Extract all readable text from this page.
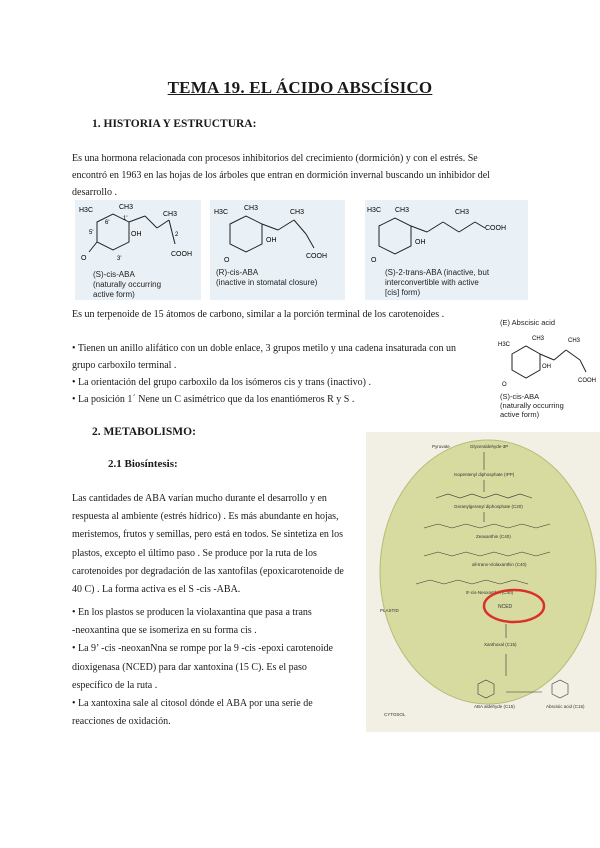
TEMA 19. EL ÁCIDO ABSCÍSICO
1. HISTORIA Y ESTRUCTURA:
Es una hormona relacionada con procesos inhibitorios del crecimiento (dormición) y con el estrés. Se
encontró en 1963 en las hojas de los árboles que entran en dormición invernal buscando un inhibidor del
desarrollo .
H3C	CH3
CH3
OH
O
COOH
3'
5'
6'
1'
2
(S)-cis-ABA
(naturally occurring
active form)
H3C
CH3
CH3
OH
O
COOH
(R)-cis-ABA
(inactive in stomatal closure)
H3C CH3	CH3
OH
O
COOH
(S)-2-trans-ABA (inactive, but
interconvertible with active
[cis] form)
Es un terpenoide de 15 átomos de carbono, similar a la porción terminal de los carotenoides .
• Tienen un anillo alifático con un doble enlace, 3 grupos metilo y una cadena insaturada con un
grupo carboxilo terminal .
• La orientación del grupo carboxilo da los isómeros cis y trans (inactivo) .
• La posición 1´ Nene un C asimétrico que da los enantiómeros R y S .
(E) Abscisic acid
H3C
CH3	CH3
OH
O
COOH
(S)-cis-ABA
(naturally occurring
active form)
2. METABOLISMO:
2.1 Biosíntesis:
Las cantidades de ABA varían mucho durante el desarrollo y en
respuesta al ambiente (estrés hídrico) . Es más abundante en hojas,
meristemos, frutos y semillas, pero está en todos. Se sintetiza en los
plastos, excepto el último paso . Se produce por la ruta de los
carotenoides por degradación de las xantofilas (epoxicarotenoide de
40 C) . La forma activa es el S -cis -ABA.
• En los plastos se producen la violaxantina que pasa a trans
-neoxantina que se isomeriza en su forma cis .
• La 9’ -cis -neoxanNna se rompe por la 9 -cis -epoxi carotenoide
dioxigenasa (NCED) para dar xantoxina (15 C). Es el paso
específico de la ruta .
• La xantoxina sale al citosol dónde el ABA por una serie de
reacciones de oxidación.
Pyruvate	Glyceraldehyde-3P
Isopentenyl diphosphate (IPP)
Geranylgeranyl diphosphate (C20)
Zeaxanthin (C40)
all-trans-Violaxanthin (C40)
9'-cis-Neoxanthin (C40)
NCED
Xanthoxal (C15)
PLASTID
CYTOSOL
ABA aldehyde (C15)	Abscisic acid (C15)
